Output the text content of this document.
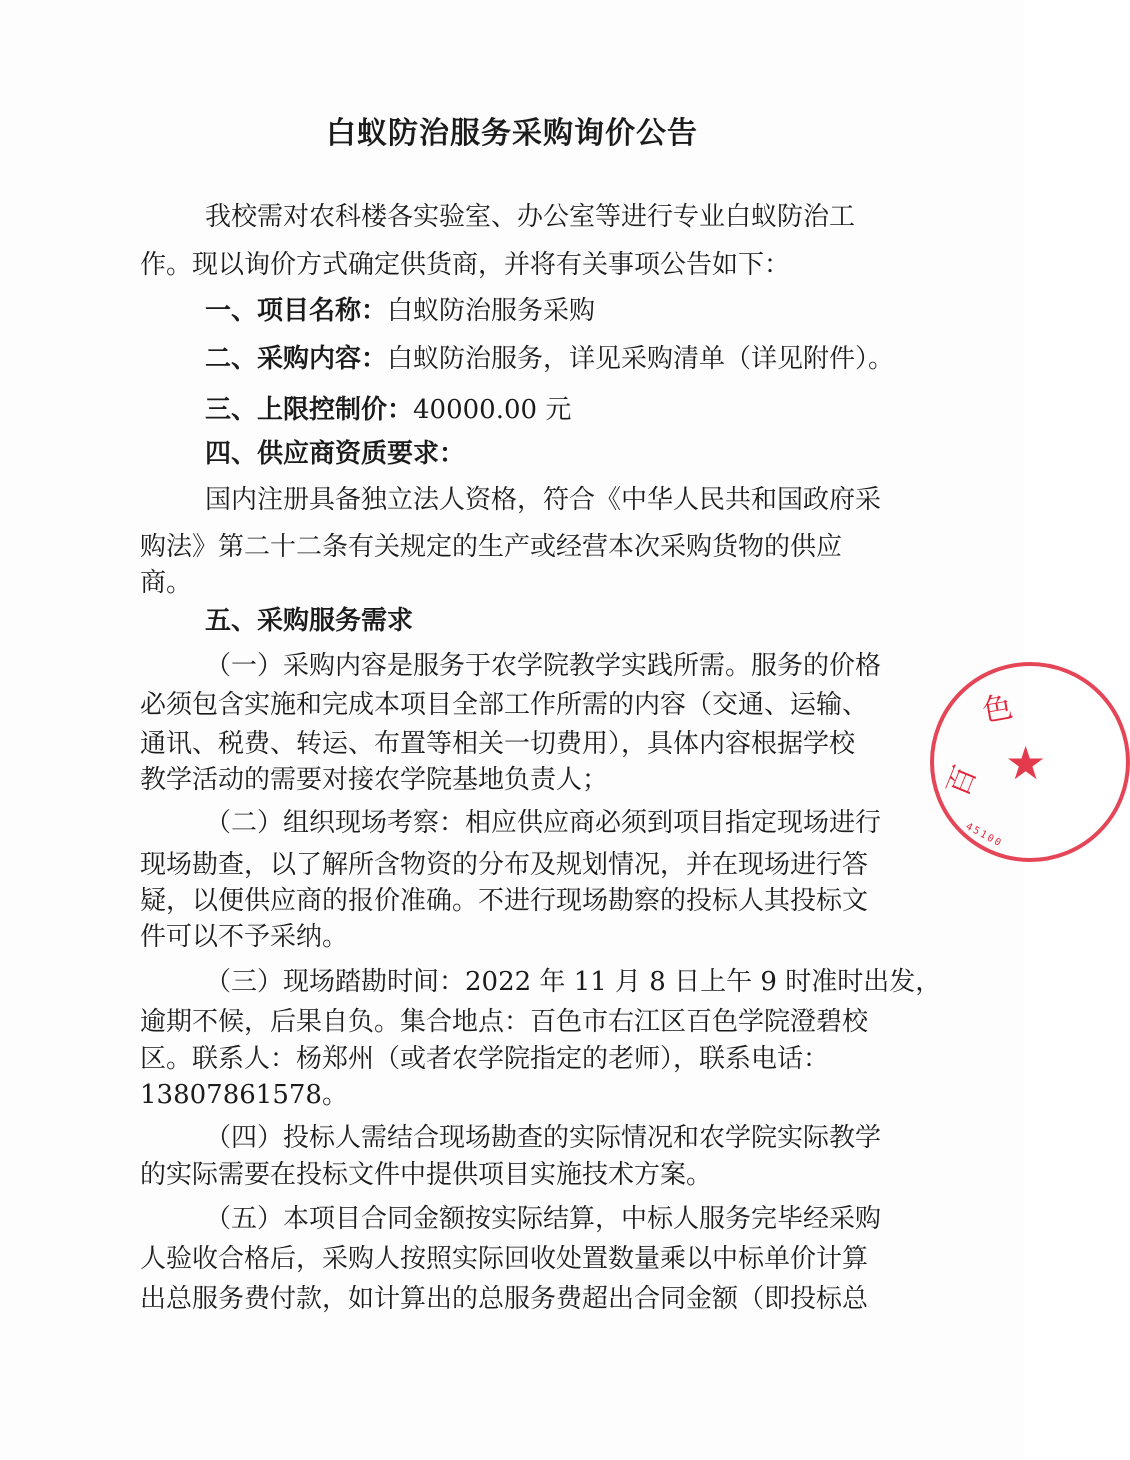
白蚁防治服务采购询价公告
我校需对农科楼各实验室、办公室等进行专业白蚁防治工
作。现以询价方式确定供货商，并将有关事项公告如下：
一、项目名称：白蚁防治服务采购
二、采购内容：白蚁防治服务，详见采购清单（详见附件）。
三、上限控制价：40000.00 元
四、供应商资质要求：
国内注册具备独立法人资格，符合《中华人民共和国政府采
购法》第二十二条有关规定的生产或经营本次采购货物的供应
商。
五、采购服务需求
（一）采购内容是服务于农学院教学实践所需。服务的价格
必须包含实施和完成本项目全部工作所需的内容（交通、运输、
通讯、税费、转运、布置等相关一切费用），具体内容根据学校
教学活动的需要对接农学院基地负责人；
（二）组织现场考察：相应供应商必须到项目指定现场进行
现场勘查，以了解所含物资的分布及规划情况，并在现场进行答
疑，以便供应商的报价准确。不进行现场勘察的投标人其投标文
件可以不予采纳。
（三）现场踏勘时间：2022 年 11 月 8 日上午 9 时准时出发，
逾期不候，后果自负。集合地点：百色市右江区百色学院澄碧校
区。联系人：杨郑州（或者农学院指定的老师），联系电话：
13807861578。
（四）投标人需结合现场勘查的实际情况和农学院实际教学
的实际需要在投标文件中提供项目实施技术方案。
（五）本项目合同金额按实际结算，中标人服务完毕经采购
人验收合格后，采购人按照实际回收处置数量乘以中标单价计算
出总服务费付款，如计算出的总服务费超出合同金额（即投标总
色
百 ★
45100
